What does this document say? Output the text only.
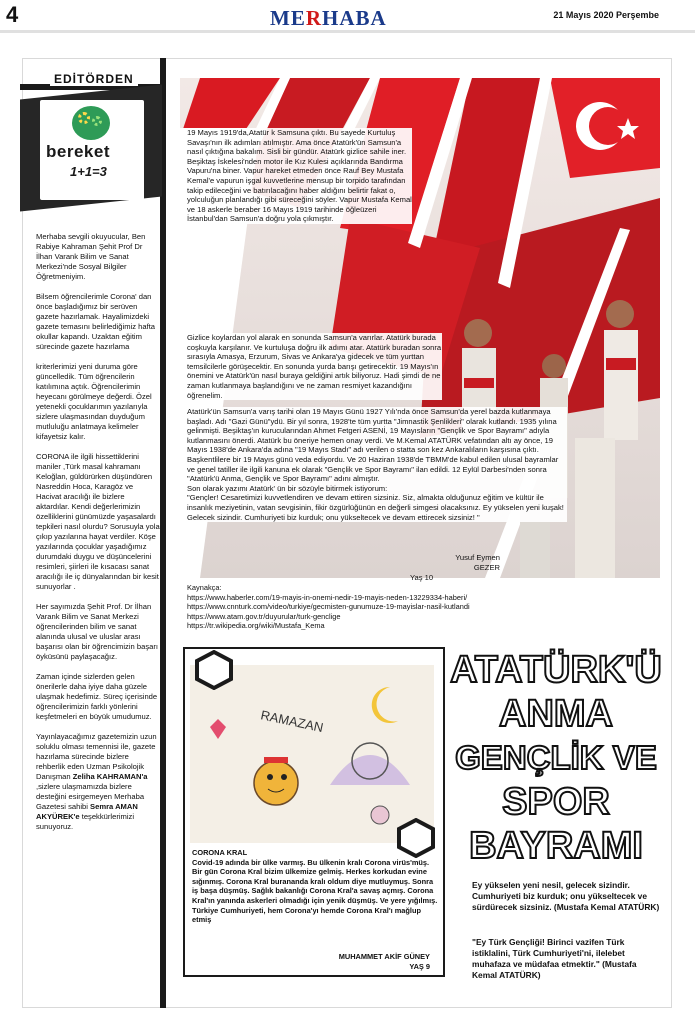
4	MERHABA	21 Mayıs 2020 Perşembe
EDİTÖRDEN
bereket
1+1=3

Merhaba sevgili okuyucular, Ben Rabiye Kahraman Şehit Prof Dr İlhan Varank Bilim ve Sanat Merkezi'nde Sosyal Bilgiler Öğretmeniyim.

Bilsem öğrencilerimle Corona' dan önce başladığımız bir serüven gazete hazırlamak. Hayalimizdeki gazete temasını belirlediğimiz hafta okullar kapandı. Uzaktan eğitim sürecinde gazete hazırlama

kriterlerimizi yeni duruma göre güncelledik. Tüm öğrencilerin katılımına açtık. Öğrencilerimin heyecanı görülmeye değerdi. Özel yetenekli çocuklarımın yazılarıyla sizlere ulaşmasından duyduğum mutluluğu anlatmaya kelimeler kifayetsiz kalır.

CORONA ile ilgili hissettiklerini maniler ,Türk masal kahramanı Keloğlan, güldürürken düşündüren Nasreddin Hoca, Karagöz ve Hacivat aracılığı ile bizlere aktardılar. Kendi değerlerimizin özelliklerini günümüzde yaşasalardı tepkileri nasıl olurdu? Sorusuyla yola çıkıp yazılarına hayat verdiler. Köşe yazılarında çocuklar yaşadığımız durumdaki duygu ve düşüncelerini resimleri, şiirleri ile kısacası sanat aracılığı ile iç dünyalarından bir kesit sunuyorlar .

Her sayımızda Şehit Prof. Dr İlhan Varank Bilim ve Sanat Merkezi öğrencilerinden bilim ve sanat alanında ulusal ve uluslar arası başarısı olan bir öğrencimizin başarı öyküsünü paylaşacağız.

Zaman içinde sizlerden gelen önerilerle daha iyiye daha güzele ulaşmak hedefimiz. Süreç içerisinde öğrencilerimizin farklı yönlerini keşfetmeleri en büyük umudumuz.

Yayınlayacağımız gazetemizin uzun soluklu olması temennisi ile, gazete hazırlama sürecinde bizlere rehberlik eden Uzman Psikolojik Danışman Zeliha KAHRAMAN'a ,sizlere ulaşmamızda bizlere desteğini esirgemeyen Merhaba Gazetesi sahibi Semra AMAN AKYÜREK'e teşekkürlerimizi sunuyoruz.

19 Mayıs 1919'da,Atatür k Samsuna çıktı. Bu sayede Kurtuluş Savaşı'nın ilk adımları atılmıştır. Ama önce Atatürk'ün Samsun'a nasıl çıktığına bakalım. Sisli bir gündür. Atatürk gizlice sahile iner. Beşiktaş İskelesi'nden motor ile Kız Kulesi açıklarında Bandırma Vapuru'na biner. Vapur hareket etmeden önce Rauf Bey Mustafa Kemal'e vapurun işgal kuvvetlerine mensup bir torpido tarafından takip edileceğini ve batırılacağını haber aldığını belirtir fakat o, yolculuğun planlandığı gibi süreceğini söyler. Vapur Mustafa Kemal ve 18 askerle beraber 16 Mayıs 1919 tarihinde öğleüzeri İstanbul'dan Samsun'a doğru yola çıkmıştır.
Gizlice koylardan yol alarak en sonunda Samsun'a varırlar. Atatürk burada coşkuyla karşılanır. Ve kurtuluşa doğru ilk adımı atar. Atatürk buradan sonra sırasıyla Amasya, Erzurum, Sivas ve Ankara'ya gidecek ve tüm yurttan temsilcilerle görüşecektir. En sonunda yurda barışı getirecektir. 19 Mayıs'ın önemini ve Atatürk'ün nasıl buraya geldiğini artık biliyoruz. Hadi şimdi de ne zaman kutlanmaya başlandığını ve ne zaman resmiyet kazandığını öğrenelim.
Atatürk'ün Samsun'a varış tarihi olan 19 Mayıs Günü 1927 Yılı'nda önce Samsun'da yerel bazda kutlanmaya başladı. Adı "Gazi Günü"ydü. Bir yıl sonra, 1928'te tüm yurtta "Jimnastik Şenlikleri" olarak kutlandı. 1935 yılına gelinmişti. Beşiktaş'ın kurucularından Ahmet Fetgeri ASENİ, 19 Mayısların "Gençlik ve Spor Bayramı" adıyla kutlanmasını önerdi. Atatürk bu öneriye hemen onay verdi. Ve M.Kemal ATATÜRK vefatından altı ay önce, 19 Mayıs 1938'de Ankara'da adına "19 Mayıs Stadı" adı verilen o statta son kez Ankaralıların karşısına çıktı. Başkentlilere bir 19 Mayıs günü veda ediyordu. Ve 20 Haziran 1938'de TBMM'de kabul edilen ulusal bayramlar ve genel tatiller ile ilgili kanuna ek olarak "Gençlik ve Spor Bayramı" ilan edildi. 12 Eylül Darbesi'nden sonra "Atatürk'ü Anma, Gençlik ve Spor Bayramı" adını almıştır.
Son olarak yazımı Atatürk' ün bir sözüyle bitirmek istiyorum:
"Gençler! Cesaretimizi kuvvetlendiren ve devam ettiren sizsiniz. Siz, almakta olduğunuz eğitim ve kültür ile insanlık meziyetinin, vatan sevgisinin, fikir özgürlüğünün en değerli simgesi olacaksınız. Ey yükselen yeni kuşak! Gelecek sizindir. Cumhuriyeti biz kurduk; onu yükseltecek ve devam ettirecek sizsiniz! "
Yusuf Eymen
GEZER
Yaş 10
Kaynakça:
https://www.haberler.com/19-mayis-in-onemi-nedir-19-mayis-neden-13229334-haberi/
https://www.cnnturk.com/video/turkiye/gecmisten-gunumuze-19-mayislar-nasil-kutlandi
https://www.atam.gov.tr/duyurular/turk-genclige
https://tr.wikipedia.org/wiki/Mustafa_Kema
RAMAZAN
CORONA KRAL
Covid-19 adında bir ülke varmış. Bu ülkenin kralı Corona virüs'müş. Bir gün Corona Kral bizim ülkemize gelmiş. Herkes korkudan evine sığınmış. Corona Kral burananda kralı oldum diye mutluymuş. Sonra iş başa düşmüş. Sağlık bakanlığı Corona Kral'a savaş açmış. Corona Kral'ın yanında askerleri olmadığı için yenik düşmüş. Ve yere yığılmış. Türkiye Cumhuriyeti, hem Corona'yı hemde Corona Kral'ı mağlup etmiş
MUHAMMET AKİF GÜNEY
YAŞ 9
ATATÜRK'Ü
ANMA
GENÇLİK VE
SPOR
BAYRAMI
Ey yükselen yeni nesil, gelecek sizindir. Cumhuriyeti biz kurduk; onu yükseltecek ve sürdürecek sizsiniz. (Mustafa Kemal ATATÜRK)
"Ey Türk Gençliği! Birinci vazifen Türk istiklalini, Türk Cumhuriyeti'ni, ilelebet muhafaza ve müdafaa etmektir." (Mustafa Kemal ATATÜRK)
